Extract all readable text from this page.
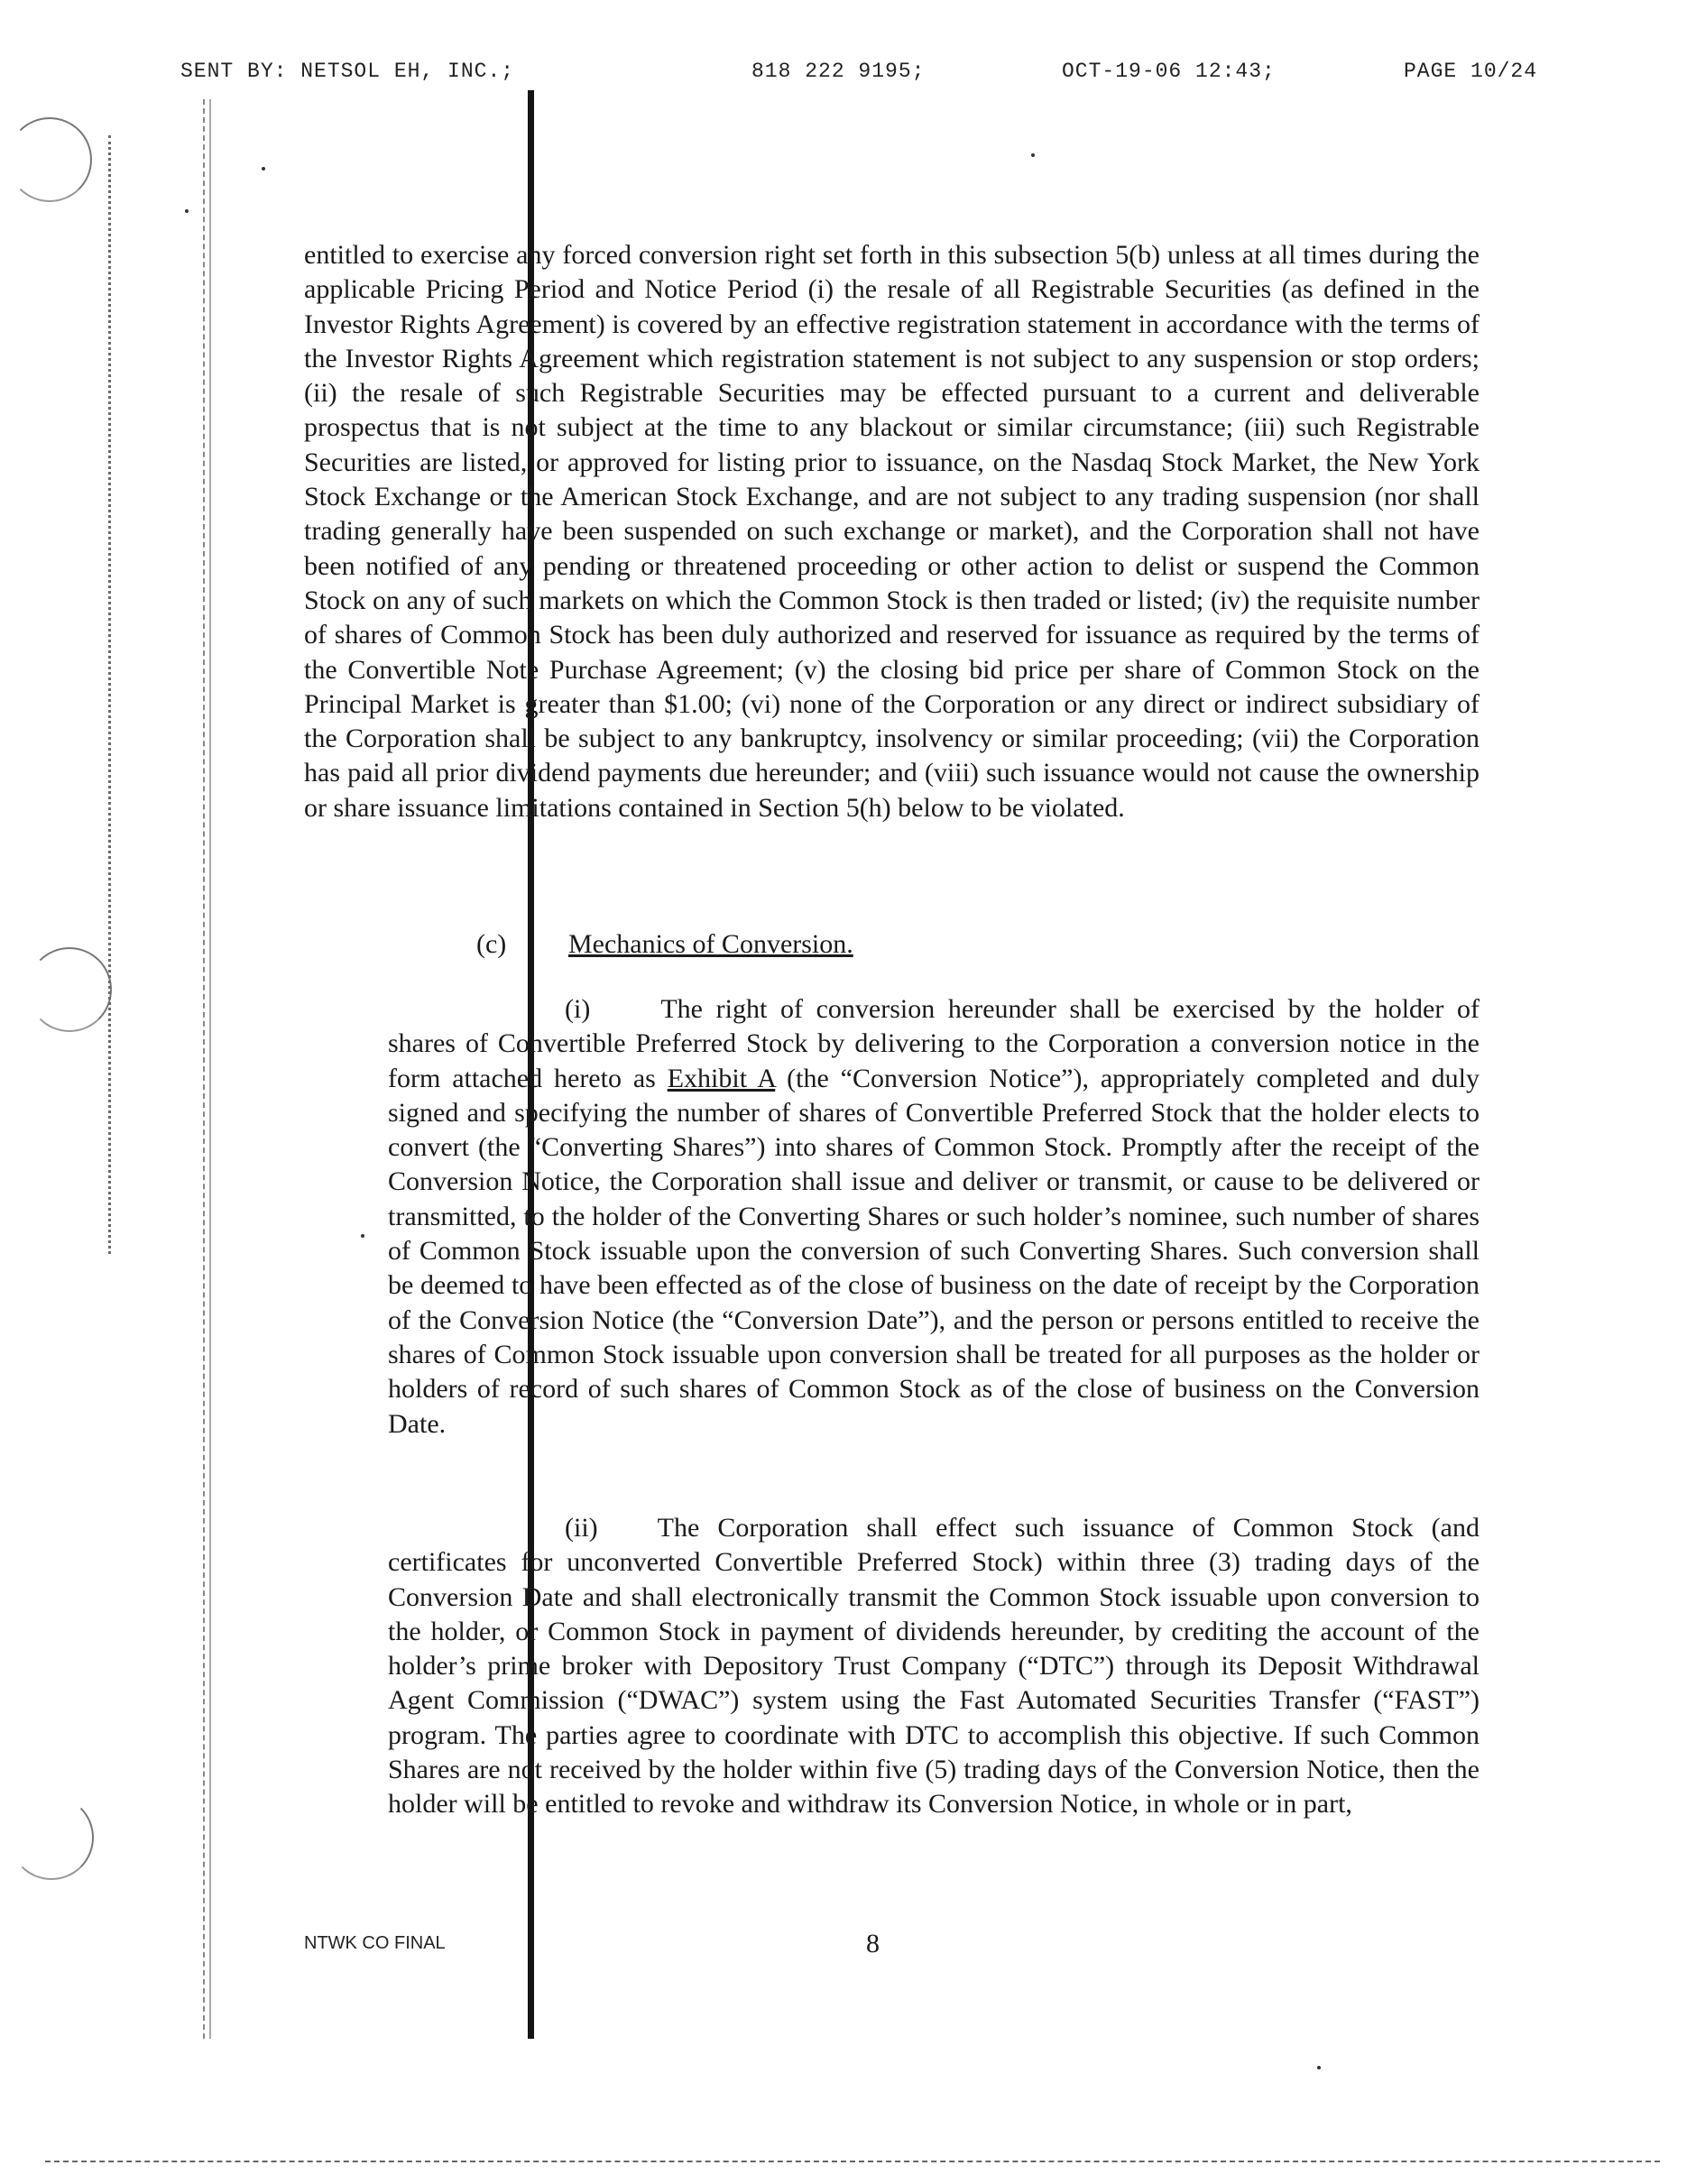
SENT BY: NETSOL EH, INC.;	818 222 9195;	OCT-19-06 12:43;	PAGE 10/24

entitled to exercise any forced conversion right set forth in this subsection 5(b) unless at all times during the applicable Pricing Period and Notice Period (i) the resale of all Registrable Securities (as defined in the Investor Rights Agreement) is covered by an effective registration statement in accordance with the terms of the Investor Rights Agreement which registration statement is not subject to any suspension or stop orders; (ii) the resale of such Registrable Securities may be effected pursuant to a current and deliverable prospectus that is not subject at the time to any blackout or similar circumstance; (iii) such Registrable Securities are listed, or approved for listing prior to issuance, on the Nasdaq Stock Market, the New York Stock Exchange or the American Stock Exchange, and are not subject to any trading suspension (nor shall trading generally have been suspended on such exchange or market), and the Corporation shall not have been notified of any pending or threatened proceeding or other action to delist or suspend the Common Stock on any of such markets on which the Common Stock is then traded or listed; (iv) the requisite number of shares of Common Stock has been duly authorized and reserved for issuance as required by the terms of the Convertible Note Purchase Agreement; (v) the closing bid price per share of Common Stock on the Principal Market is greater than $1.00; (vi) none of the Corporation or any direct or indirect subsidiary of the Corporation shall be subject to any bankruptcy, insolvency or similar proceeding; (vii) the Corporation has paid all prior dividend payments due hereunder; and (viii) such issuance would not cause the ownership or share issuance limitations contained in Section 5(h) below to be violated.

(c) Mechanics of Conversion.

(i)	The right of conversion hereunder shall be exercised by the holder of shares of Convertible Preferred Stock by delivering to the Corporation a conversion notice in the form attached hereto as Exhibit A (the “Conversion Notice”), appropriately completed and duly signed and specifying the number of shares of Convertible Preferred Stock that the holder elects to convert (the “Converting Shares”) into shares of Common Stock. Promptly after the receipt of the Conversion Notice, the Corporation shall issue and deliver or transmit, or cause to be delivered or transmitted, to the holder of the Converting Shares or such holder’s nominee, such number of shares of Common Stock issuable upon the conversion of such Converting Shares. Such conversion shall be deemed to have been effected as of the close of business on the date of receipt by the Corporation of the Conversion Notice (the “Conversion Date”), and the person or persons entitled to receive the shares of Common Stock issuable upon conversion shall be treated for all purposes as the holder or holders of record of such shares of Common Stock as of the close of business on the Conversion Date.

(ii) The Corporation shall effect such issuance of Common Stock (and certificates for unconverted Convertible Preferred Stock) within three (3) trading days of the Conversion Date and shall electronically transmit the Common Stock issuable upon conversion to the holder, or Common Stock in payment of dividends hereunder, by crediting the account of the holder’s prime broker with Depository Trust Company (“DTC”) through its Deposit Withdrawal Agent Commission (“DWAC”) system using the Fast Automated Securities Transfer (“FAST”) program. The parties agree to coordinate with DTC to accomplish this objective. If such Common Shares are not received by the holder within five (5) trading days of the Conversion Notice, then the holder will be entitled to revoke and withdraw its Conversion Notice, in whole or in part,

NTWK CO FINAL	8
